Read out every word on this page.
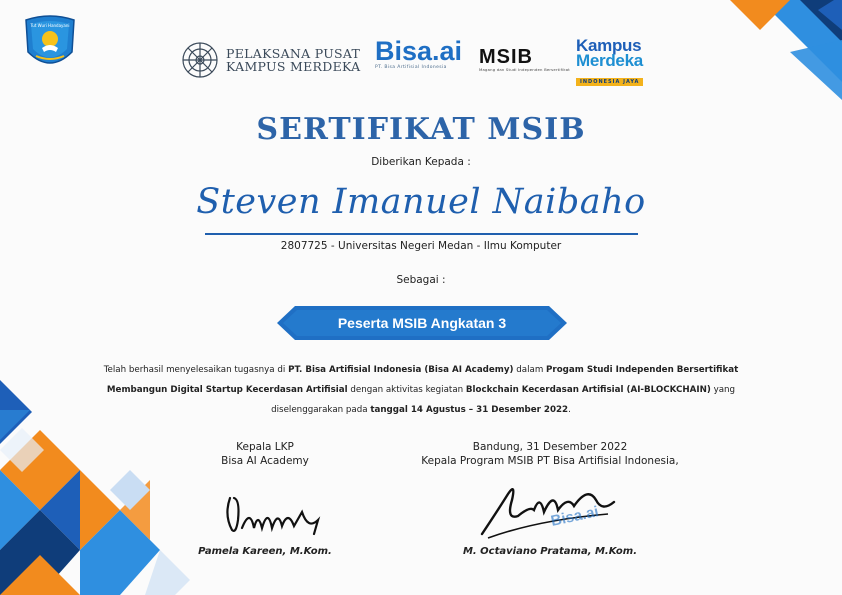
Tut Wuri Handayani
PELAKSANA PUSAT
KAMPUS MERDEKA
Bisa.ai
PT. Bisa Artifisial Indonesia	MSIB
Magang dan Studi Independen Bersertifikat
Kampus
Merdeka
INDONESIA JAYA
SERTIFIKAT MSIB
Diberikan Kepada :
Steven Imanuel Naibaho
2807725 - Universitas Negeri Medan - Ilmu Komputer
Sebagai :
Peserta MSIB Angkatan 3
Telah berhasil menyelesaikan tugasnya di PT. Bisa Artifisial Indonesia (Bisa AI Academy) dalam Progam Studi Independen Bersertifikat Membangun Digital Startup Kecerdasan Artifisial dengan aktivitas kegiatan Blockchain Kecerdasan Artifisial (AI-BLOCKCHAIN) yang diselenggarakan pada tanggal 14 Agustus – 31 Desember 2022.
Kepala LKP
Bisa AI Academy
Pamela Kareen, M.Kom.
Bandung, 31 Desember 2022
Kepala Program MSIB PT Bisa Artifisial Indonesia,
Bisa.ai
M. Octaviano Pratama, M.Kom.
